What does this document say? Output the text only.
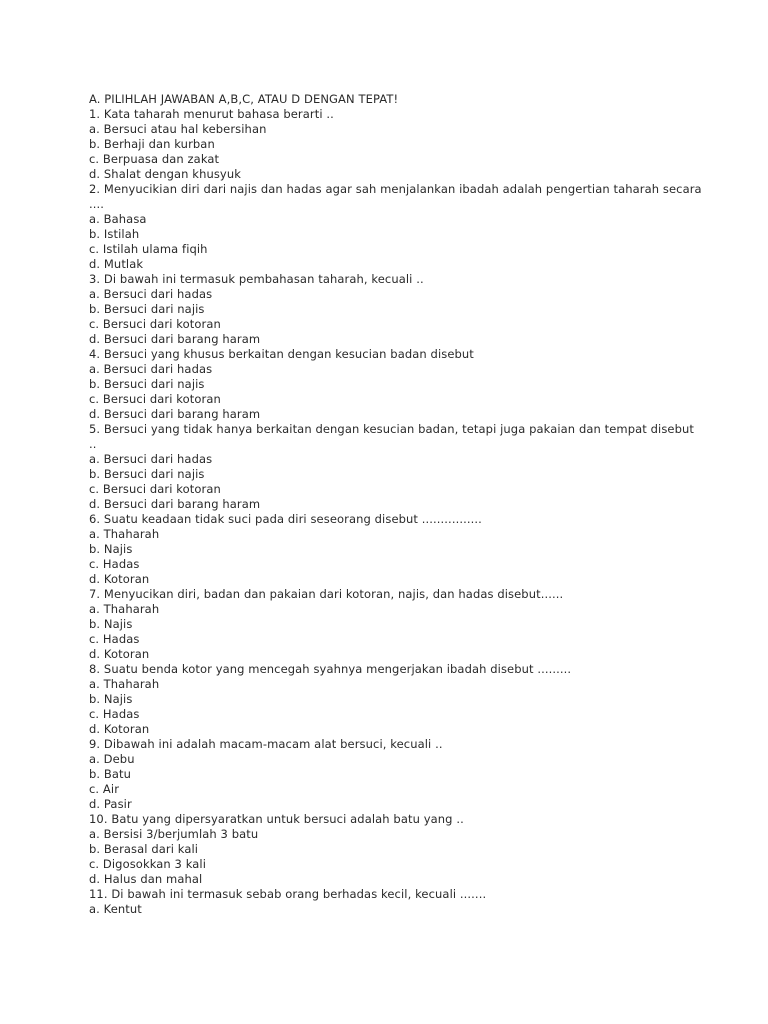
A. PILIHLAH JAWABAN A,B,C, ATAU D DENGAN TEPAT!
1. Kata taharah menurut bahasa berarti ..
a. Bersuci atau hal kebersihan
b. Berhaji dan kurban
c. Berpuasa dan zakat
d. Shalat dengan khusyuk
2. Menyucikian diri dari najis dan hadas agar sah menjalankan ibadah adalah pengertian taharah secara
....
a. Bahasa
b. Istilah
c. Istilah ulama fiqih
d. Mutlak
3. Di bawah ini termasuk pembahasan taharah, kecuali ..
a. Bersuci dari hadas
b. Bersuci dari najis
c. Bersuci dari kotoran
d. Bersuci dari barang haram
4. Bersuci yang khusus berkaitan dengan kesucian badan disebut
a. Bersuci dari hadas
b. Bersuci dari najis
c. Bersuci dari kotoran
d. Bersuci dari barang haram
5. Bersuci yang tidak hanya berkaitan dengan kesucian badan, tetapi juga pakaian dan tempat disebut
..
a. Bersuci dari hadas
b. Bersuci dari najis
c. Bersuci dari kotoran
d. Bersuci dari barang haram
6. Suatu keadaan tidak suci pada diri seseorang disebut ................
a. Thaharah
b. Najis
c. Hadas
d. Kotoran
7. Menyucikan diri, badan dan pakaian dari kotoran, najis, dan hadas disebut......
a. Thaharah
b. Najis
c. Hadas
d. Kotoran
8. Suatu benda kotor yang mencegah syahnya mengerjakan ibadah disebut .........
a. Thaharah
b. Najis
c. Hadas
d. Kotoran
9. Dibawah ini adalah macam-macam alat bersuci, kecuali ..
a. Debu
b. Batu
c. Air
d. Pasir
10. Batu yang dipersyaratkan untuk bersuci adalah batu yang ..
a. Bersisi 3/berjumlah 3 batu
b. Berasal dari kali
c. Digosokkan 3 kali
d. Halus dan mahal
11. Di bawah ini termasuk sebab orang berhadas kecil, kecuali .......
a. Kentut
